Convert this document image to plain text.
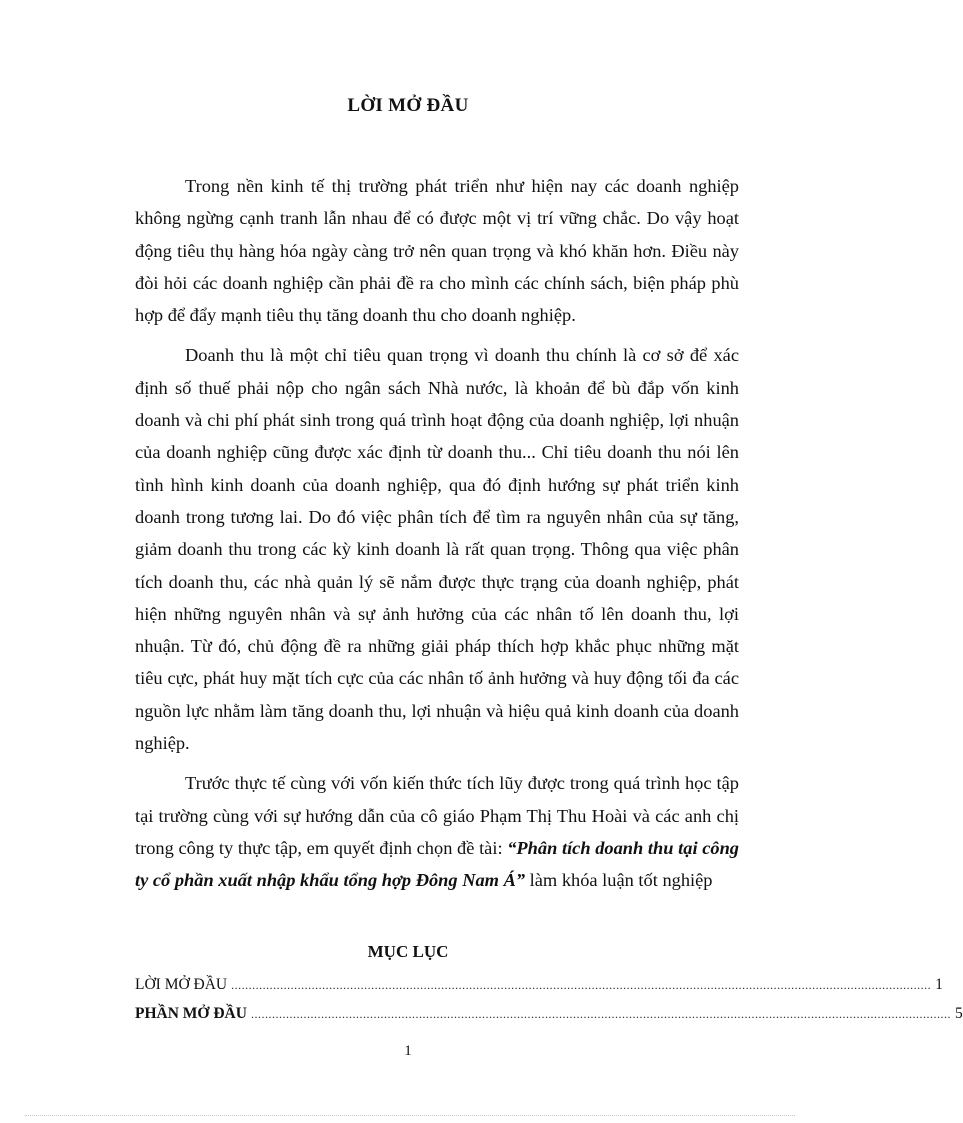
LỜI MỞ ĐẦU

Trong nền kinh tế thị trường phát triển như hiện nay các doanh nghiệp không ngừng cạnh tranh lẫn nhau để có được một vị trí vững chắc. Do vậy hoạt động tiêu thụ hàng hóa ngày càng trở nên quan trọng và khó khăn hơn. Điều này đòi hỏi các doanh nghiệp cần phải đề ra cho mình các chính sách, biện pháp phù hợp để đẩy mạnh tiêu thụ tăng doanh thu cho doanh nghiệp.

Doanh thu là một chỉ tiêu quan trọng vì doanh thu chính là cơ sở để xác định số thuế phải nộp cho ngân sách Nhà nước, là khoản để bù đắp vốn kinh doanh và chi phí phát sinh trong quá trình hoạt động của doanh nghiệp, lợi nhuận của doanh nghiệp cũng được xác định từ doanh thu... Chỉ tiêu doanh thu nói lên tình hình kinh doanh của doanh nghiệp, qua đó định hướng sự phát triển kinh doanh trong tương lai. Do đó việc phân tích để tìm ra nguyên nhân của sự tăng, giảm doanh thu trong các kỳ kinh doanh là rất quan trọng. Thông qua việc phân tích doanh thu, các nhà quản lý sẽ nắm được thực trạng của doanh nghiệp, phát hiện những nguyên nhân và sự ảnh hưởng của các nhân tố lên doanh thu, lợi nhuận. Từ đó, chủ động đề ra những giải pháp thích hợp khắc phục những mặt tiêu cực, phát huy mặt tích cực của các nhân tố ảnh hưởng và huy động tối đa các nguồn lực nhằm làm tăng doanh thu, lợi nhuận và hiệu quả kinh doanh của doanh nghiệp.

Trước thực tế cùng với vốn kiến thức tích lũy được trong quá trình học tập tại trường cùng với sự hướng dẫn của cô giáo Phạm Thị Thu Hoài và các anh chị trong công ty thực tập, em quyết định chọn đề tài: “Phân tích doanh thu tại công ty cổ phần xuất nhập khẩu tổng hợp Đông Nam Á” làm khóa luận tốt nghiệp

MỤC LỤC
LỜI MỞ ĐẦU ........................................................................................................................................................................................................ 1
PHẦN MỞ ĐẦU ........................................................................................................................................................................................................ 5
1
